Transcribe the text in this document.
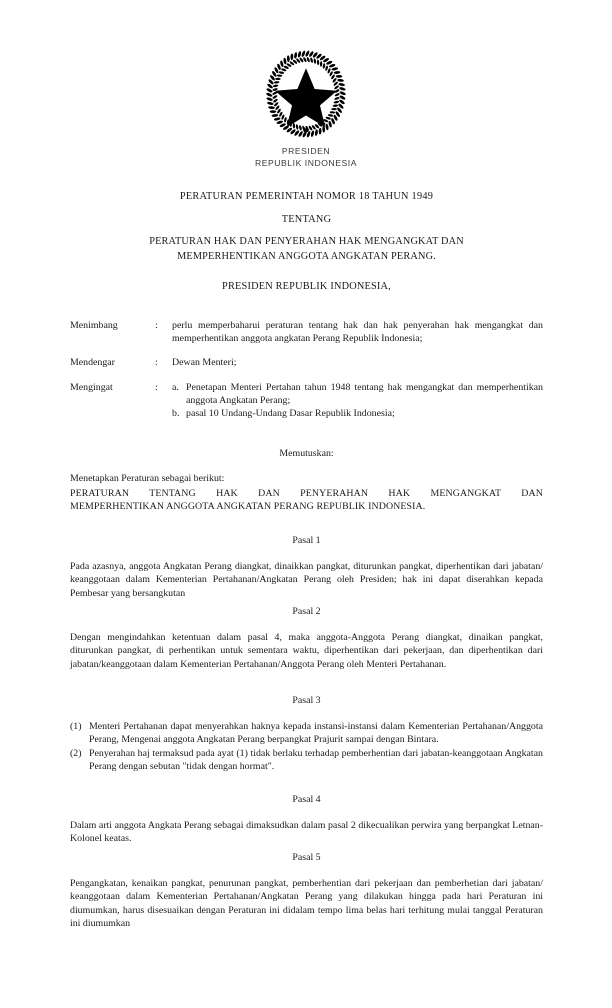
PRESIDEN
REPUBLIK INDONESIA
PERATURAN PEMERINTAH NOMOR 18 TAHUN 1949
TENTANG
PERATURAN HAK DAN PENYERAHAN HAK MENGANGKAT DAN
MEMPERHENTIKAN ANGGOTA ANGKATAN PERANG.
PRESIDEN REPUBLIK INDONESIA,
Menimbang	:	perlu memperbaharui peraturan tentang hak dan hak penyerahan hak mengangkat dan memperhentikan anggota angkatan Perang Republik Indonesia;

Mendengar	:	Dewan Menteri;

Mengingat	:	a. Penetapan Menteri Pertahan tahun 1948 tentang hak mengangkat dan memperhentikan anggota Angkatan Perang;
b. pasal 10 Undang-Undang Dasar Republik Indonesia;
Memutuskan:
Menetapkan Peraturan sebagai berikut:
PERATURAN TENTANG HAK DAN PENYERAHAN HAK MENGANGKAT DAN
MEMPERHENTIKAN ANGGOTA ANGKATAN PERANG REPUBLIK INDONESIA.
Pasal 1

Pada azasnya, anggota Angkatan Perang diangkat, dinaikkan pangkat, diturunkan pangkat, diperhentikan dari jabatan/ keanggotaan dalam Kementerian Pertahanan/Angkatan Perang oleh Presiden; hak ini dapat diserahkan kepada Pembesar yang bersangkutan

Pasal 2

Dengan mengindahkan ketentuan dalam pasal 4, maka anggota-Anggota Perang diangkat, dinaikan pangkat, diturunkan pangkat, di perhentikan untuk sementara waktu, diperhentikan dari pekerjaan, dan diperhentikan dari jabatan/keanggotaan dalam Kementerian Pertahanan/Anggota Perang oleh Menteri Pertahanan.

Pasal 3
(1) Menteri Pertahanan dapat menyerahkan haknya kepada instansi-instansi dalam Kementerian Pertahanan/Anggota Perang, Mengenai anggota Angkatan Perang berpangkat Prajurit sampai dengan Bintara.
(2) Penyerahan haj termaksud pada ayat (1) tidak berlaku terhadap pemberhentian dari jabatan-keanggotaan Angkatan Perang dengan sebutan "tidak dengan hormat".
Pasal 4

Dalam arti anggota Angkata Perang sebagai dimaksudkan dalam pasal 2 dikecualikan perwira yang berpangkat Letnan-Kolonel keatas.

Pasal 5

Pengangkatan, kenaikan pangkat, penurunan pangkat, pemberhentian dari pekerjaan dan pemberhetian dari jabatan/ keanggotaan dalam Kementerian Pertahanan/Angkatan Perang yang dilakukan hingga pada hari Peraturan ini diumumkan, harus disesuaikan dengan Peraturan ini didalam tempo lima belas hari terhitung mulai tanggal Peraturan ini diumumkan
